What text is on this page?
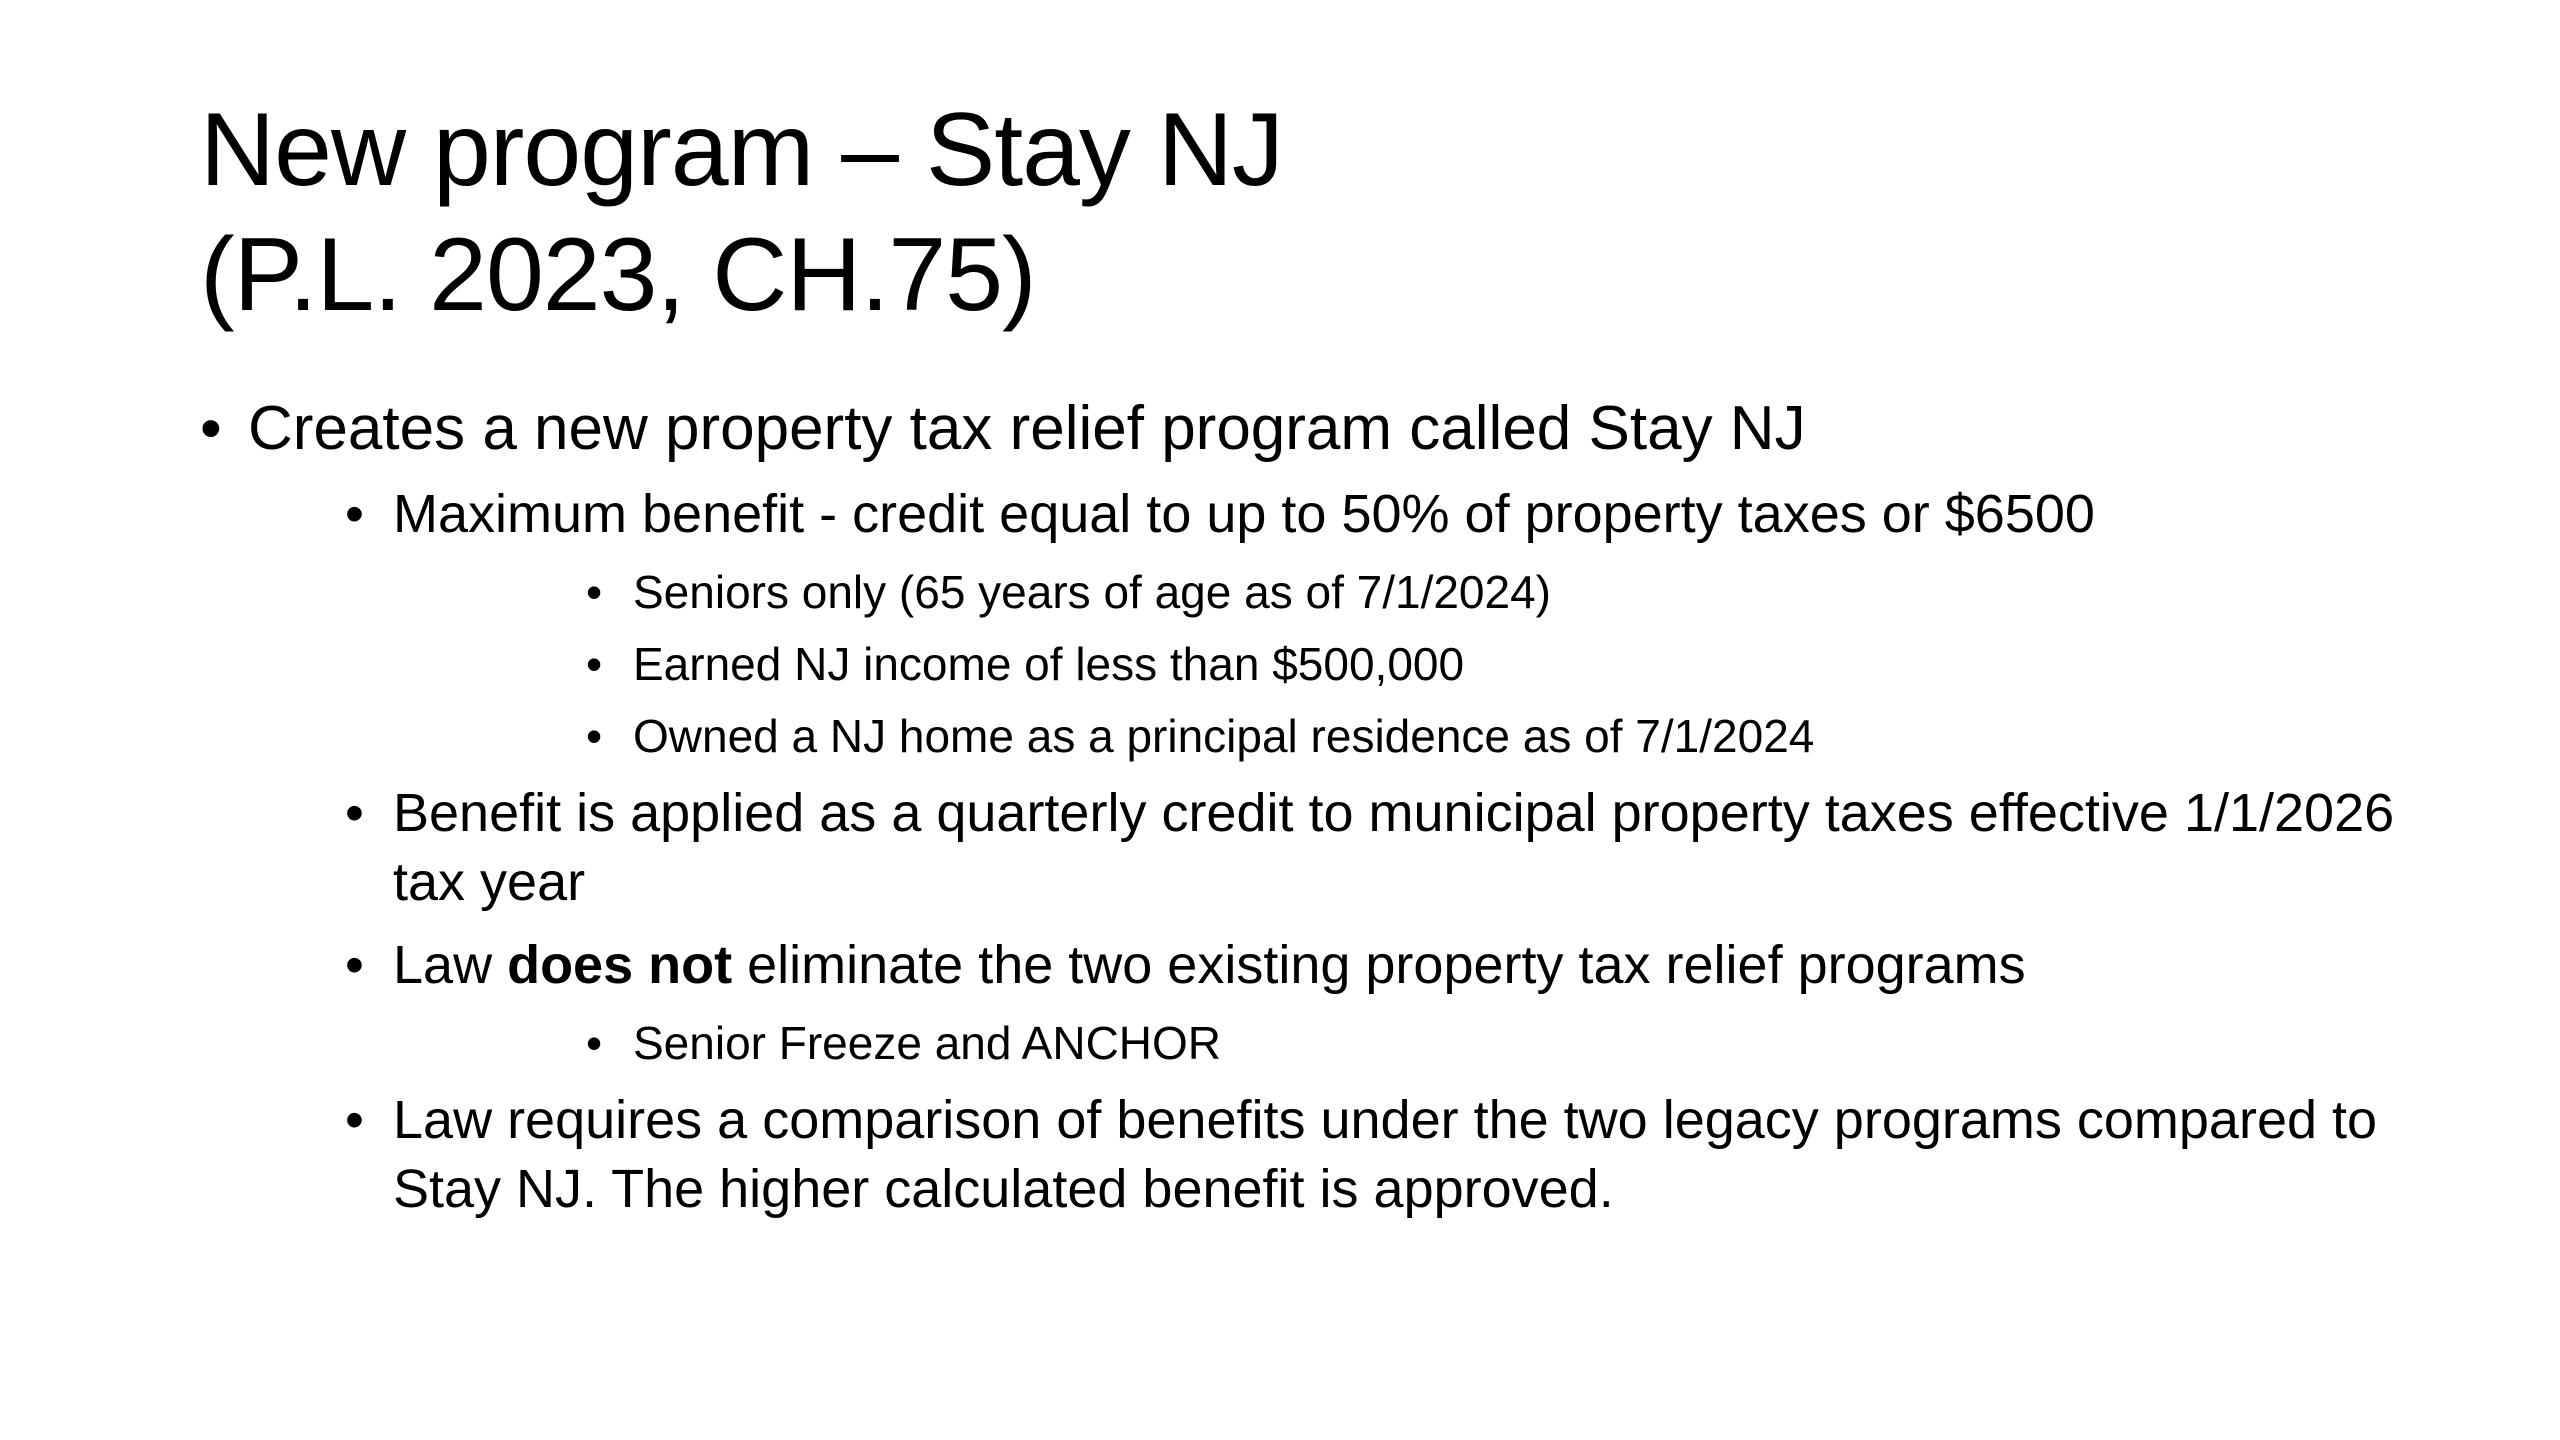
New program – Stay NJ
(P.L. 2023, CH.75)
• Creates a new property tax relief program called Stay NJ
• Maximum benefit - credit equal to up to 50% of property taxes or $6500
• Seniors only (65 years of age as of 7/1/2024)
• Earned NJ income of less than $500,000
• Owned a NJ home as a principal residence as of 7/1/2024
• Benefit is applied as a quarterly credit to municipal property taxes effective 1/1/2026 tax year
• Law does not eliminate the two existing property tax relief programs
• Senior Freeze and ANCHOR
• Law requires a comparison of benefits under the two legacy programs compared to Stay NJ. The higher calculated benefit is approved.
